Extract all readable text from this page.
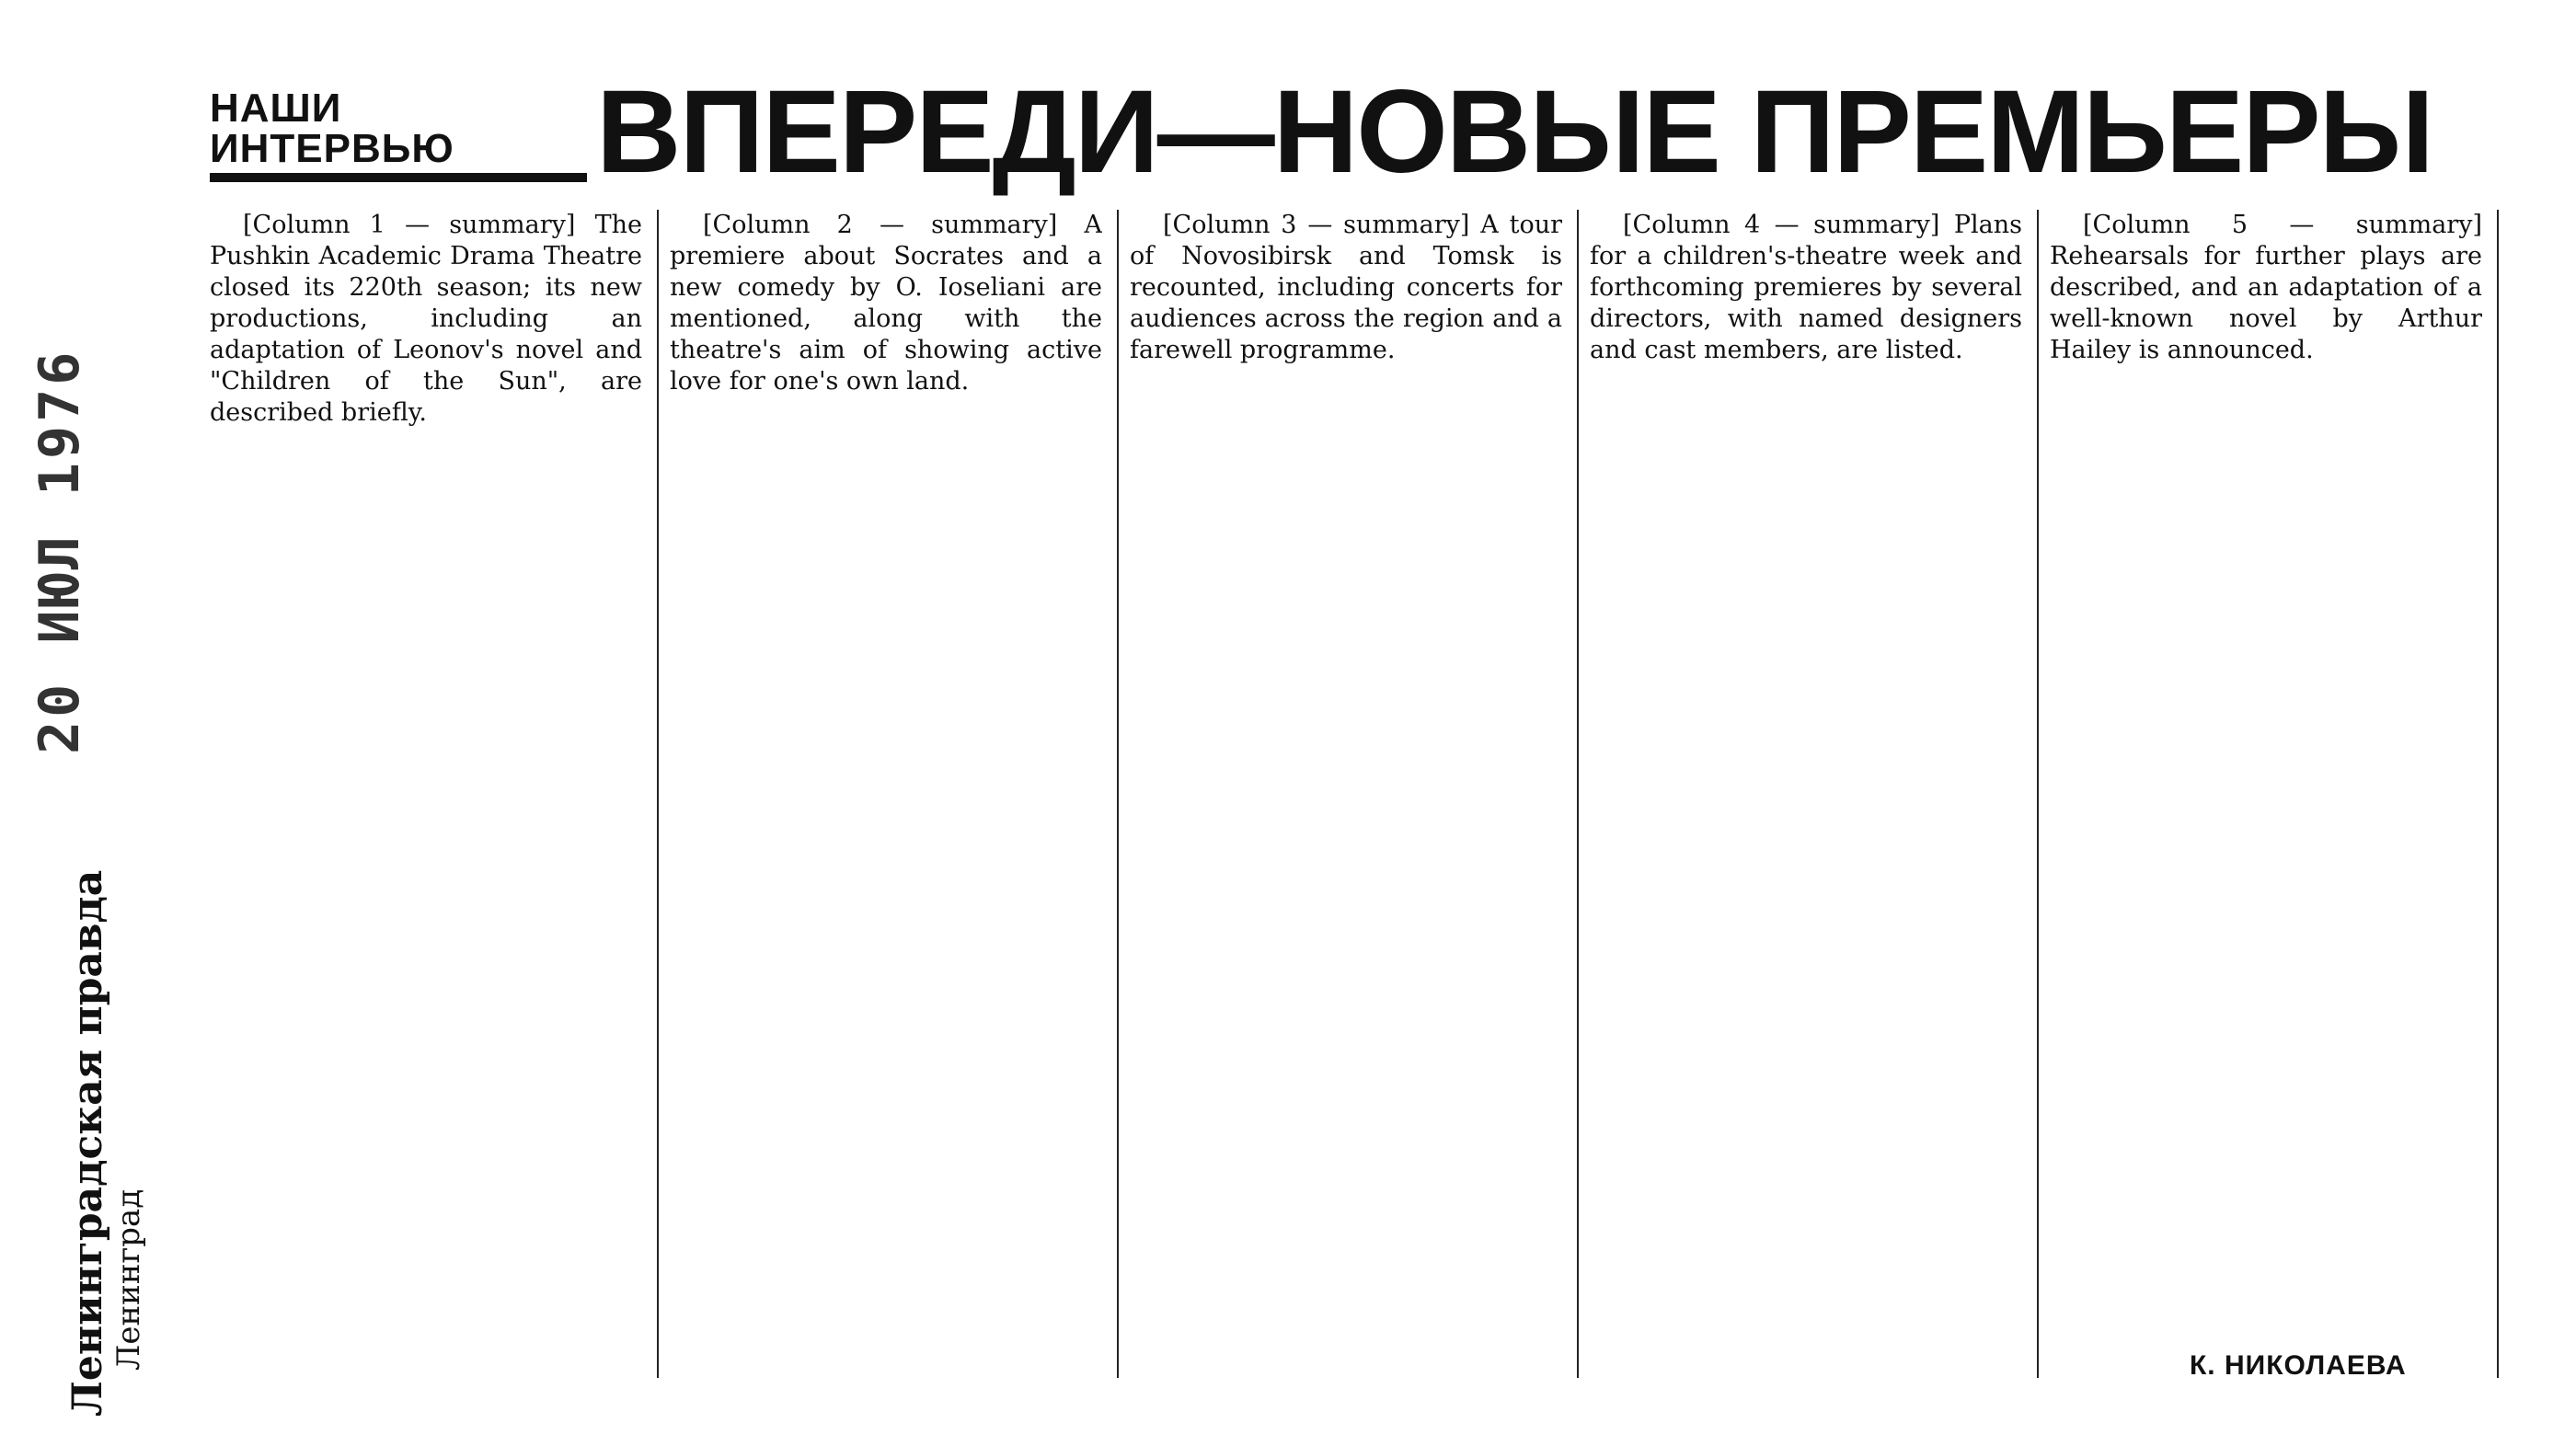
НАШИ
ИНТЕРВЬЮ ВПЕРЕДИ—НОВЫЕ ПРЕМЬЕРЫ
20 ИЮЛ 1976
Ленинградская правда Ленинград

[Column 1 — summary] The Pushkin Academic Drama Theatre closed its 220th season; its new productions, including an adaptation of Leonov's novel and "Children of the Sun", are described briefly.

[Column 2 — summary] A premiere about Socrates and a new comedy by O. Ioseliani are mentioned, along with the theatre's aim of showing active love for one's own land.

[Column 3 — summary] A tour of Novosibirsk and Tomsk is recounted, including concerts for audiences across the region and a farewell programme.

[Column 4 — summary] Plans for a children's-theatre week and forthcoming premieres by several directors, with named designers and cast members, are listed.

[Column 5 — summary] Rehearsals for further plays are described, and an adaptation of a well-known novel by Arthur Hailey is announced.

К. НИКОЛАЕВА
